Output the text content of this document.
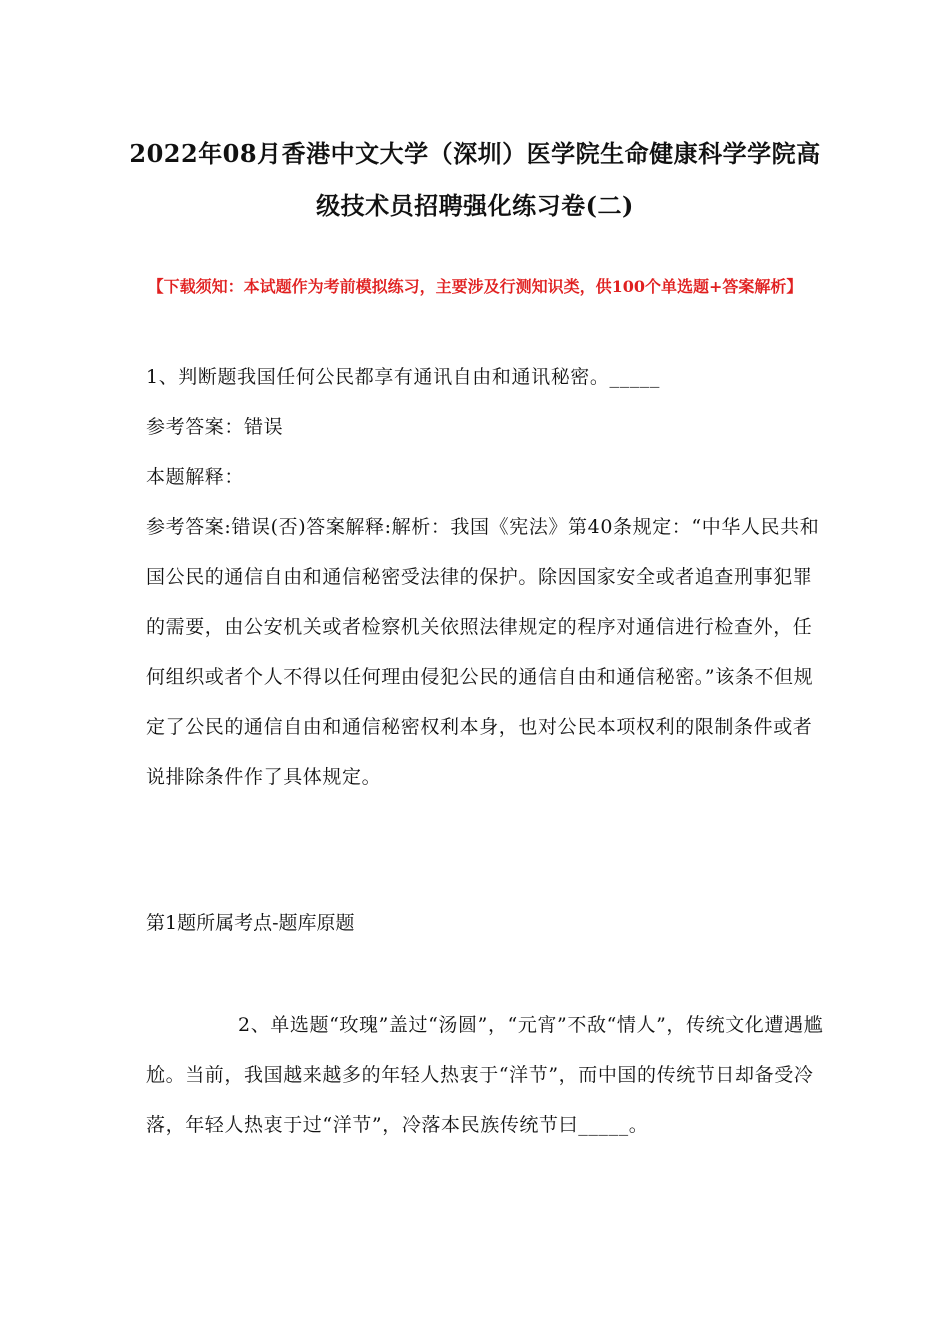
2022年08月香港中文大学（深圳）医学院生命健康科学学院高
级技术员招聘强化练习卷(二)
【下载须知：本试题作为考前模拟练习，主要涉及行测知识类，供100个单选题+答案解析】

1、判断题我国任何公民都享有通讯自由和通讯秘密。_____

参考答案：错误

本题解释：

参考答案:错误(否)答案解释:解析：我国《宪法》第40条规定：“中华人民共和国公民的通信自由和通信秘密受法律的保护。除因国家安全或者追查刑事犯罪的需要，由公安机关或者检察机关依照法律规定的程序对通信进行检查外，任何组织或者个人不得以任何理由侵犯公民的通信自由和通信秘密。”该条不但规定了公民的通信自由和通信秘密权利本身，也对公民本项权利的限制条件或者说排除条件作了具体规定。

第1题所属考点-题库原题

2、单选题“玫瑰”盖过“汤圆”，“元宵”不敌“情人”，传统文化遭遇尴尬。当前，我国越来越多的年轻人热衷于“洋节”，而中国的传统节日却备受冷落，年轻人热衷于过“洋节”，冷落本民族传统节曰_____。
